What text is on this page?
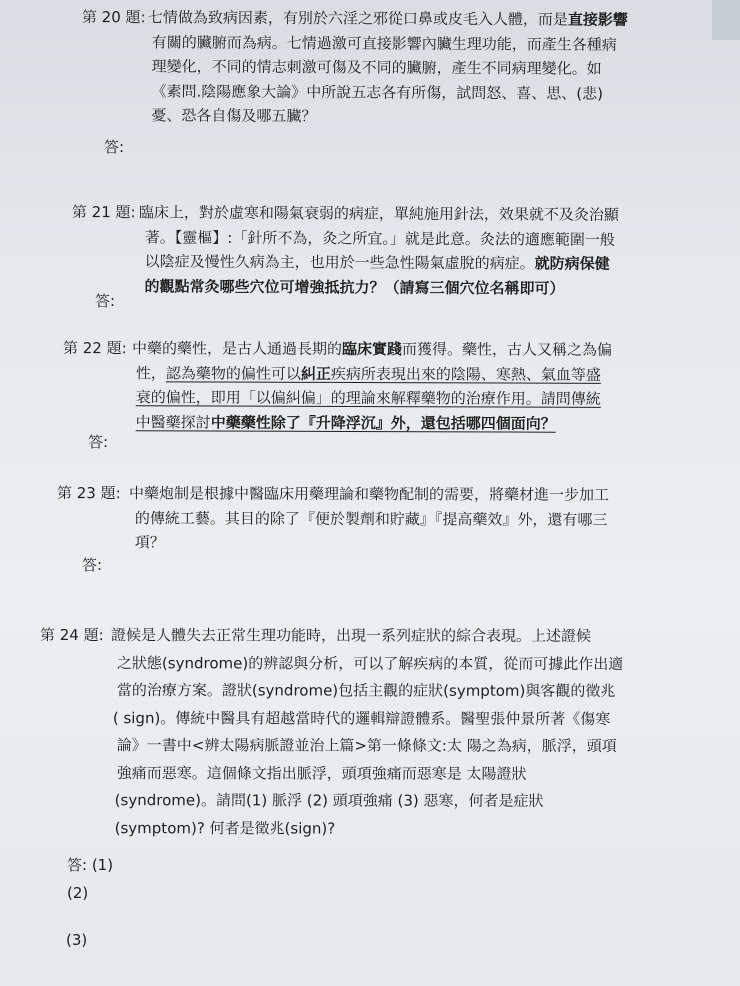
第 20 題: 七情做為致病因素，有別於六淫之邪從口鼻或皮毛入人體，而是直接影響
有關的臟腑而為病。七情過激可直接影響內臟生理功能，而產生各種病
理變化，不同的情志刺激可傷及不同的臟腑，產生不同病理變化。如
《素問.陰陽應象大論》中所說五志各有所傷，試問怒、喜、思、(悲)
憂、恐各自傷及哪五臟？
答:
第 21 題: 臨床上，對於虛寒和陽氣衰弱的病症，單純施用針法，效果就不及灸治顯
著。【靈樞】:「針所不為，灸之所宜。」就是此意。灸法的適應範圍一般
以陰症及慢性久病為主，也用於一些急性陽氣虛脫的病症。就防病保健
的觀點常灸哪些穴位可增強抵抗力？（請寫三個穴位名稱即可）
答:
第 22 題: 中藥的藥性，是古人通過長期的臨床實踐而獲得。藥性，古人又稱之為偏
性，認為藥物的偏性可以糾正疾病所表現出來的陰陽、寒熱、氣血等盛
衰的偏性，即用「以偏糾偏」的理論來解釋藥物的治療作用。請問傳統
中醫藥探討中藥藥性除了『升降浮沉』外，還包括哪四個面向？
答:
第 23 題: 中藥炮制是根據中醫臨床用藥理論和藥物配制的需要，將藥材進一步加工
的傳統工藝。其目的除了『便於製劑和貯藏』『提高藥效』外，還有哪三
項？
答:
第 24 題: 證候是人體失去正常生理功能時，出現一系列症狀的綜合表現。上述證候
之狀態(syndrome)的辨認與分析，可以了解疾病的本質，從而可據此作出適
當的治療方案。證狀(syndrome)包括主觀的症狀(symptom)與客觀的徵兆
( sign)。傳統中醫具有超越當時代的邏輯辯證體系。醫聖張仲景所著《傷寒
論》一書中<辨太陽病脈證並治上篇>第一條條文:太 陽之為病，脈浮，頭項
強痛而惡寒。這個條文指出脈浮，頭項強痛而惡寒是 太陽證狀
(syndrome)。請問(1) 脈浮 (2) 頭項強痛 (3) 惡寒，何者是症狀
(symptom)? 何者是徵兆(sign)?
答: (1)
(2)
(3)
